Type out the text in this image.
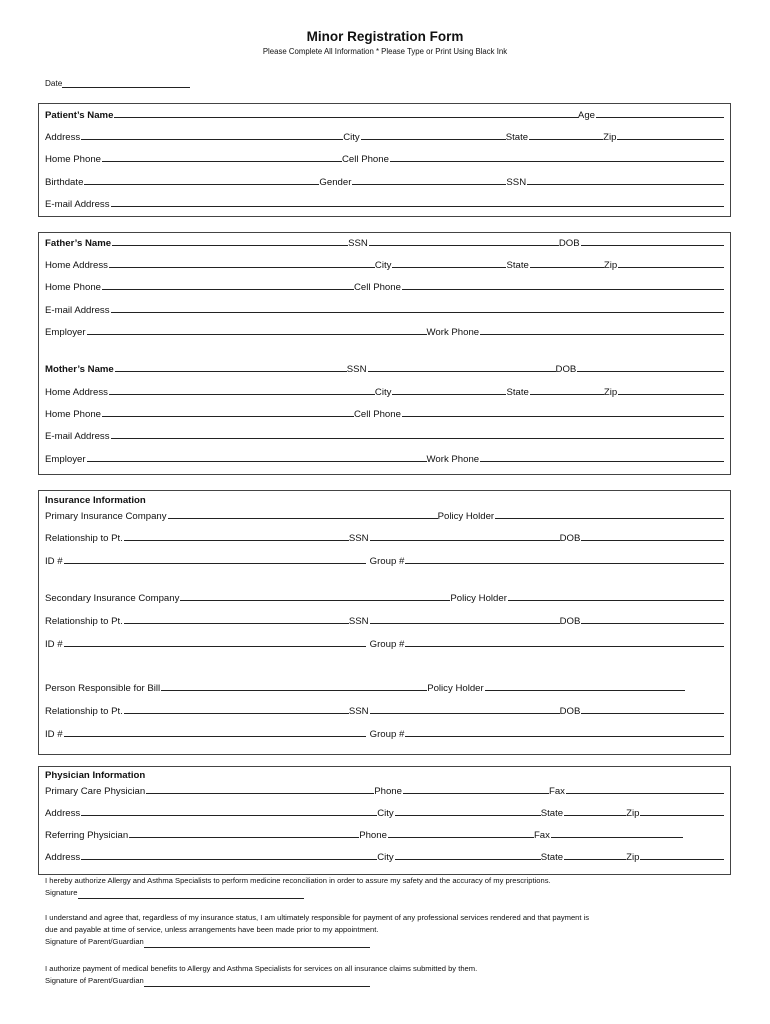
Minor Registration Form
Please Complete All Information * Please Type or Print Using Black Ink
Date
Patient’s Name	Age
Address	City	State	Zip
Home Phone	Cell Phone
Birthdate	Gender	SSN
E-mail Address
Father’s Name	SSN	DOB
Home Address	City	State	Zip
Home Phone	Cell Phone
E-mail Address
Employer	Work Phone
Mother’s Name	SSN	DOB
Home Address	City	State	Zip
Home Phone	Cell Phone
E-mail Address
Employer	Work Phone
Insurance Information
Primary Insurance Company	Policy Holder
Relationship to Pt.	SSN	DOB
ID #	Group #
Secondary Insurance Company	Policy Holder
Relationship to Pt.	SSN	DOB
ID #	Group #
Person Responsible for Bill	Policy Holder
Relationship to Pt.	SSN	DOB
ID #	Group #
Physician Information
Primary Care Physician	Phone	Fax
Address	City	State	Zip
Referring Physician	Phone	Fax
Address	City	State	Zip
I hereby authorize Allergy and Asthma Specialists to perform medicine reconciliation in order to assure my safety and the accuracy of my prescriptions.
Signature
I understand and agree that, regardless of my insurance status, I am ultimately responsible for payment of any professional services rendered and that payment is
due and payable at time of service, unless arrangements have been made prior to my appointment.
Signature of Parent/Guardian
I authorize payment of medical benefits to Allergy and Asthma Specialists for services on all insurance claims submitted by them.
Signature of Parent/Guardian
